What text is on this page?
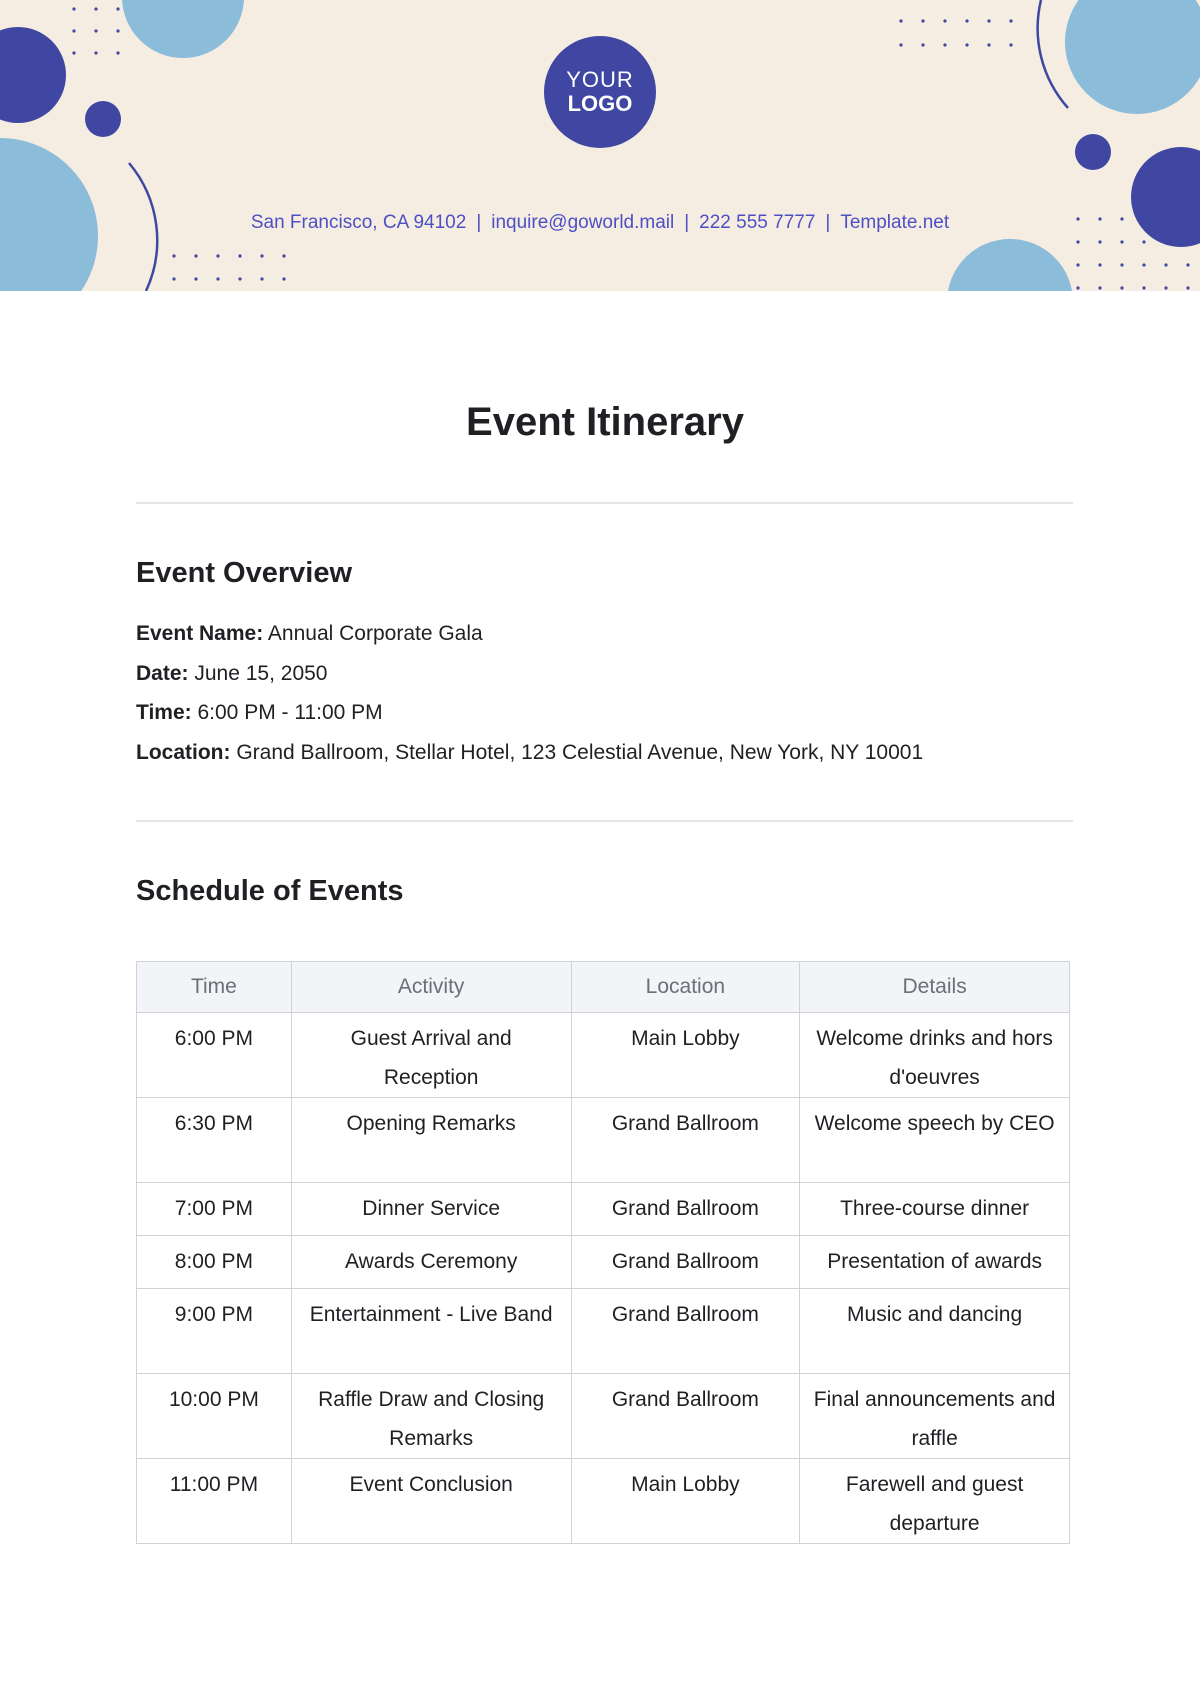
YOUR
LOGO
San Francisco, CA 94102 | inquire@goworld.mail | 222 555 7777 | Template.net
Event Itinerary
Event Overview
Event Name: Annual Corporate Gala
Date: June 15, 2050
Time: 6:00 PM - 11:00 PM
Location: Grand Ballroom, Stellar Hotel, 123 Celestial Avenue, New York, NY 10001
Schedule of Events
Time	Activity	Location	Details
6:00 PM	Guest Arrival and Reception	Main Lobby	Welcome drinks and hors d'oeuvres
6:30 PM	Opening Remarks	Grand Ballroom	Welcome speech by CEO
7:00 PM	Dinner Service	Grand Ballroom	Three-course dinner
8:00 PM	Awards Ceremony	Grand Ballroom	Presentation of awards
9:00 PM	Entertainment - Live Band	Grand Ballroom	Music and dancing
10:00 PM	Raffle Draw and Closing Remarks	Grand Ballroom	Final announcements and raffle
11:00 PM	Event Conclusion	Main Lobby	Farewell and guest departure
